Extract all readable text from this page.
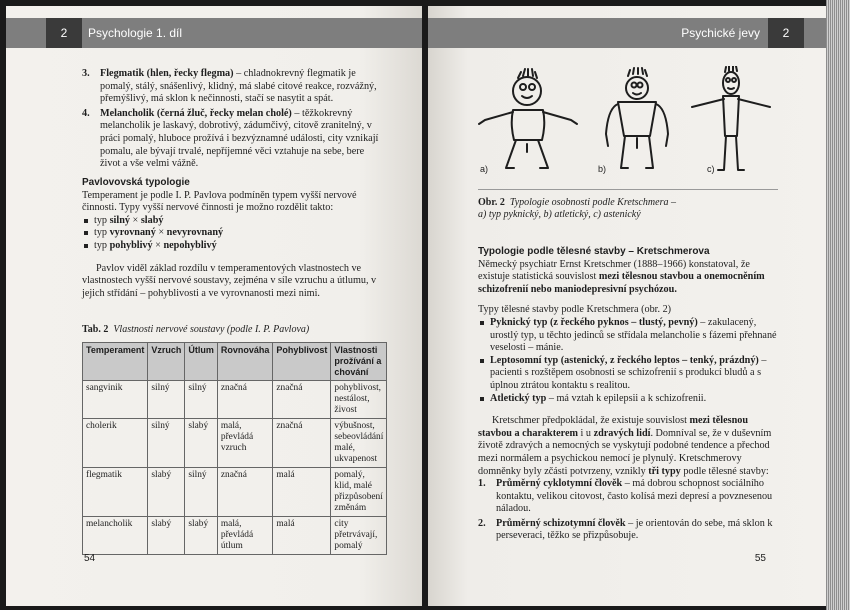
2	Psychologie 1. díl
3. Flegmatik (hlen, řecky flegma) – chladnokrevný flegmatik je pomalý, stálý, snášenlivý, klidný, má slabé citové reakce, rozvážný, přemýšlivý, má sklon k nečinnosti, stačí se nasytit a spát.
4. Melancholik (černá žluč, řecky melan cholé) – těžkokrevný melancholik je laskavý, dobrotivý, zádumčivý, citově zranitelný, v práci pomalý, hluboce prožívá i bezvýznamné události, city vznikají pomalu, ale bývají trvalé, nepříjemné věci vztahuje na sebe, bere život a vše velmi vážně.
Pavlovovská typologie
Temperament je podle I. P. Pavlova podmíněn typem vyšší nervové činnosti. Typy vyšší nervové činnosti je možno rozdělit takto:
typ silný × slabý
typ vyrovnaný × nevyrovnaný
typ pohyblivý × nepohyblivý
Pavlov viděl základ rozdílu v temperamentových vlastnostech ve vlastnostech vyšší nervové soustavy, zejména v síle vzruchu a útlumu, v jejich střídání – pohyblivosti a ve vyrovnanosti mezi nimi.
Tab. 2 Vlastnosti nervové soustavy (podle I. P. Pavlova)
Temperament	Vzruch	Útlum	Rovnováha	Pohyblivost	Vlastnosti prožívání a chování
sangvinik	silný	silný	značná	značná	pohyblivost, nestálost, živost
cholerik	silný	slabý	malá, převládá vzruch	značná	výbušnost, sebeovládání malé, ukvapenost
flegmatik	slabý	silný	značná	malá	pomalý, klid, malé přizpůsobení změnám
melancholik	slabý	slabý	malá, převládá útlum	malá	city přetrvávají, pomalý
54
Psychické jevy	2
a)	b)	c)
Obr. 2 Typologie osobnosti podle Kretschmera –
a) typ pyknický, b) atletický, c) astenický
Typologie podle tělesné stavby – Kretschmerova
Německý psychiatr Ernst Kretschmer (1888–1966) konstatoval, že existuje statistická souvislost mezi tělesnou stavbou a onemocněním schizofrenií nebo maniodepresivní psychózou.
Typy tělesné stavby podle Kretschmera (obr. 2)
Pyknický typ (z řeckého pyknos – tlustý, pevný) – zakulacený, urostlý typ, u těchto jedinců se střídala melancholie s fázemi přehnané veselosti – mánie.
Leptosomní typ (astenický, z řeckého leptos – tenký, prázdný) – pacienti s rozštěpem osobnosti se schizofrenií s produkcí bludů a s úplnou ztrátou kontaktu s realitou.
Atletický typ – má vztah k epilepsii a k schizofrenii.
Kretschmer předpokládal, že existuje souvislost mezi tělesnou stavbou a charakterem i u zdravých lidí. Domníval se, že v duševním životě zdravých a nemocných se vyskytují podobné tendence a přechod mezi normálem a psychickou nemocí je plynulý. Kretschmerovy domněnky byly zčásti potvrzeny, vznikly tři typy podle tělesné stavby:
1. Průměrný cyklotymní člověk – má dobrou schopnost sociálního kontaktu, velikou citovost, často kolísá mezi depresí a povznesenou náladou.
2. Průměrný schizotymní člověk – je orientován do sebe, má sklon k perseveraci, těžko se přizpůsobuje.
55
